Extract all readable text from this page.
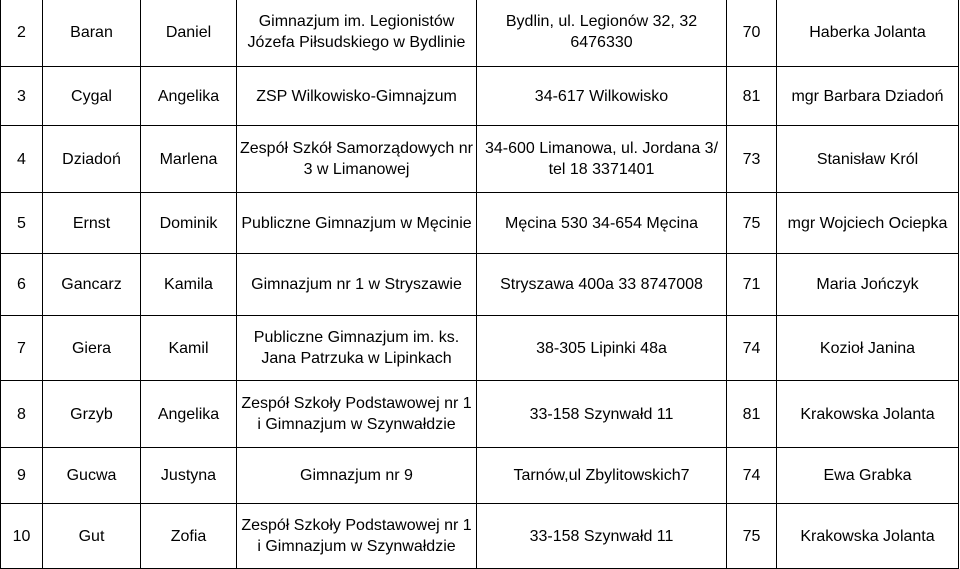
2	Baran	Daniel	Gimnazjum im. Legionistów Józefa Piłsudskiego w Bydlinie	Bydlin, ul. Legionów 32, 32 6476330	70	Haberka Jolanta
3	Cygal	Angelika	ZSP Wilkowisko-Gimnajzum	34-617 Wilkowisko	81	mgr Barbara Dziadoń
4	Dziadoń	Marlena	Zespół Szkół Samorządowych nr 3 w Limanowej	34-600 Limanowa, ul. Jordana 3/ tel 18 3371401	73	Stanisław Król
5	Ernst	Dominik	Publiczne Gimnazjum w Męcinie	Męcina 530 34-654 Męcina	75	mgr Wojciech Ociepka
6	Gancarz	Kamila	Gimnazjum nr 1 w Stryszawie	Stryszawa 400a 33 8747008	71	Maria Jończyk
7	Giera	Kamil	Publiczne Gimnazjum im. ks. Jana Patrzuka w Lipinkach	38-305 Lipinki 48a	74	Kozioł Janina
8	Grzyb	Angelika	Zespół Szkoły Podstawowej nr 1 i Gimnazjum w Szynwałdzie	33-158 Szynwałd 11	81	Krakowska Jolanta
9	Gucwa	Justyna	Gimnazjum nr 9	Tarnów,ul Zbylitowskich7	74	Ewa Grabka
10	Gut	Zofia	Zespół Szkoły Podstawowej nr 1 i Gimnazjum w Szynwałdzie	33-158 Szynwałd 11	75	Krakowska Jolanta
